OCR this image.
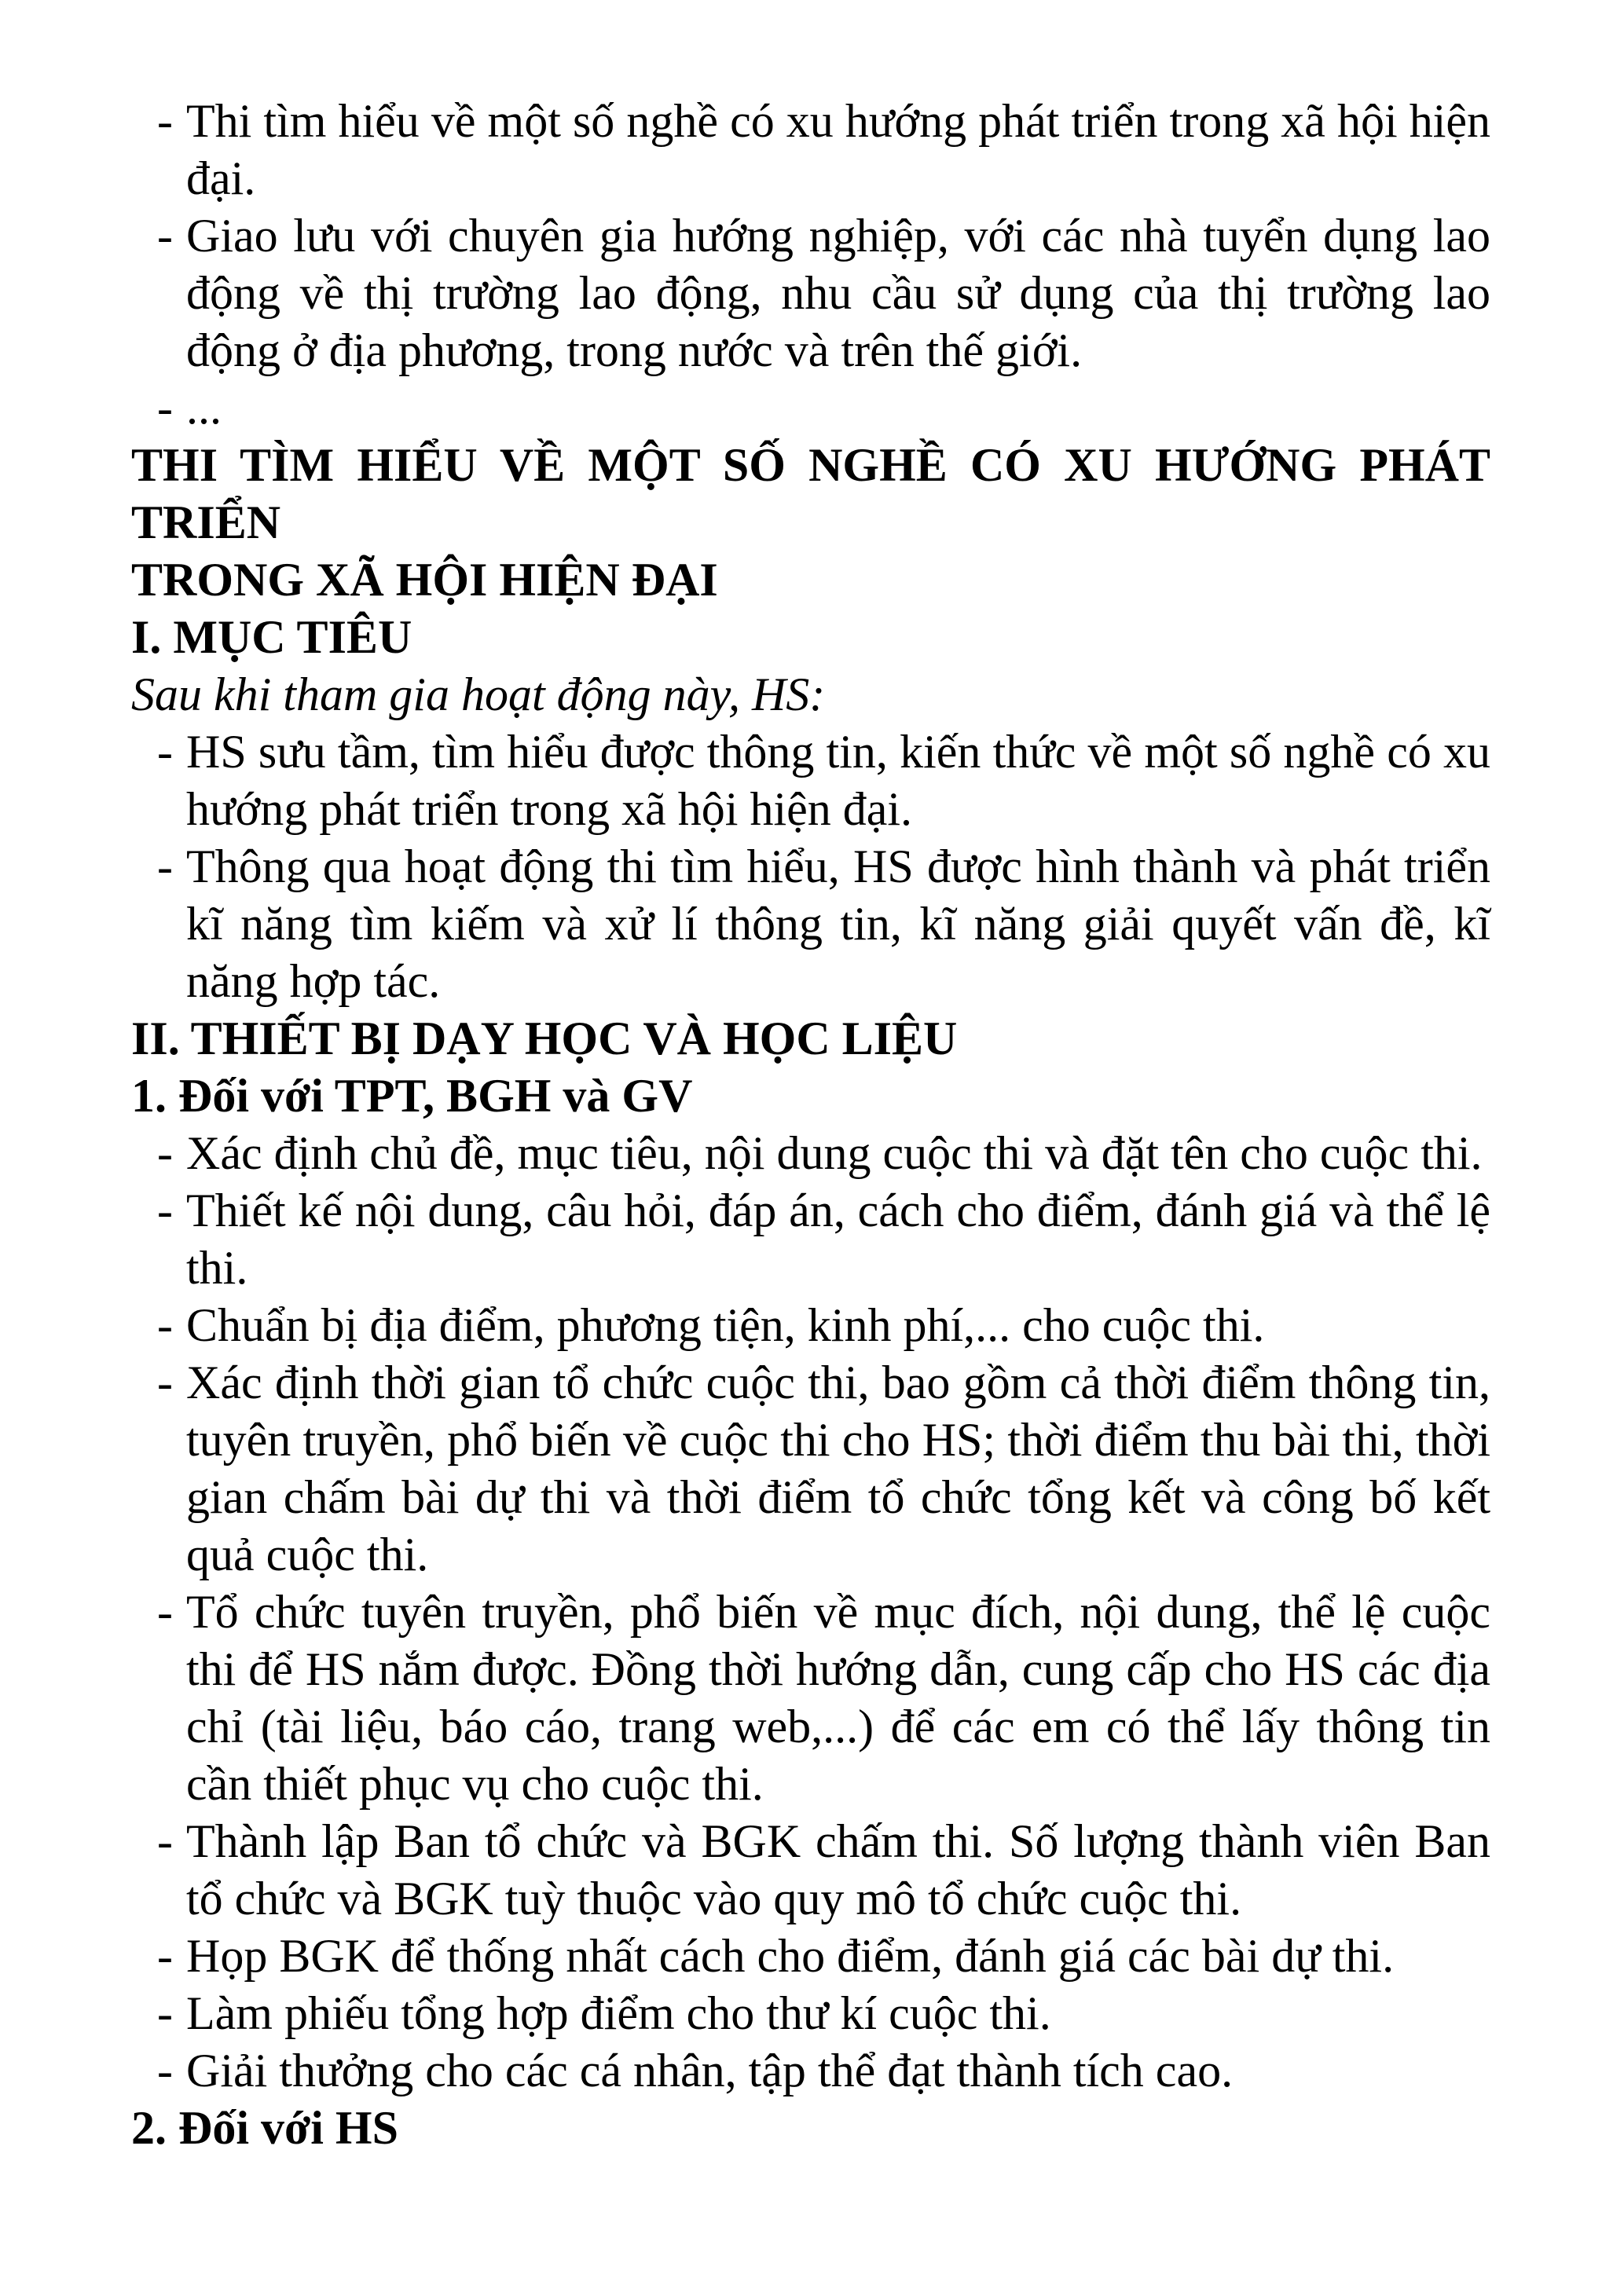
- Thi tìm hiểu về một số nghề có xu hướng phát triển trong xã hội hiện đại.
- Giao lưu với chuyên gia hướng nghiệp, với các nhà tuyển dụng lao động về thị trường lao động, nhu cầu sử dụng của thị trường lao động ở địa phương, trong nước và trên thế giới.
- ...
THI TÌM HIỂU VỀ MỘT SỐ NGHỀ CÓ XU HƯỚNG PHÁT
TRIỂN
TRONG XÃ HỘI HIỆN ĐẠI
I. MỤC TIÊU
Sau khi tham gia hoạt động này, HS:
- HS sưu tầm, tìm hiểu được thông tin, kiến thức về một số nghề có xu hướng phát triển trong xã hội hiện đại.
- Thông qua hoạt động thi tìm hiểu, HS được hình thành và phát triển kĩ năng tìm kiếm và xử lí thông tin, kĩ năng giải quyết vấn đề, kĩ năng hợp tác.
II. THIẾT BỊ DẠY HỌC VÀ HỌC LIỆU
1. Đối với TPT, BGH và GV
- Xác định chủ đề, mục tiêu, nội dung cuộc thi và đặt tên cho cuộc thi.
- Thiết kế nội dung, câu hỏi, đáp án, cách cho điểm, đánh giá và thể lệ thi.
- Chuẩn bị địa điểm, phương tiện, kinh phí,... cho cuộc thi.
- Xác định thời gian tổ chức cuộc thi, bao gồm cả thời điểm thông tin, tuyên truyền, phổ biến về cuộc thi cho HS; thời điểm thu bài thi, thời gian chấm bài dự thi và thời điểm tổ chức tổng kết và công bố kết quả cuộc thi.
- Tổ chức tuyên truyền, phổ biến về mục đích, nội dung, thể lệ cuộc thi để HS nắm được. Đồng thời hướng dẫn, cung cấp cho HS các địa chỉ (tài liệu, báo cáo, trang web,...) để các em có thể lấy thông tin cần thiết phục vụ cho cuộc thi.
- Thành lập Ban tổ chức và BGK chấm thi. Số lượng thành viên Ban tổ chức và BGK tuỳ thuộc vào quy mô tổ chức cuộc thi.
- Họp BGK để thống nhất cách cho điểm, đánh giá các bài dự thi.
- Làm phiếu tổng hợp điểm cho thư kí cuộc thi.
- Giải thưởng cho các cá nhân, tập thể đạt thành tích cao.
2. Đối với HS
